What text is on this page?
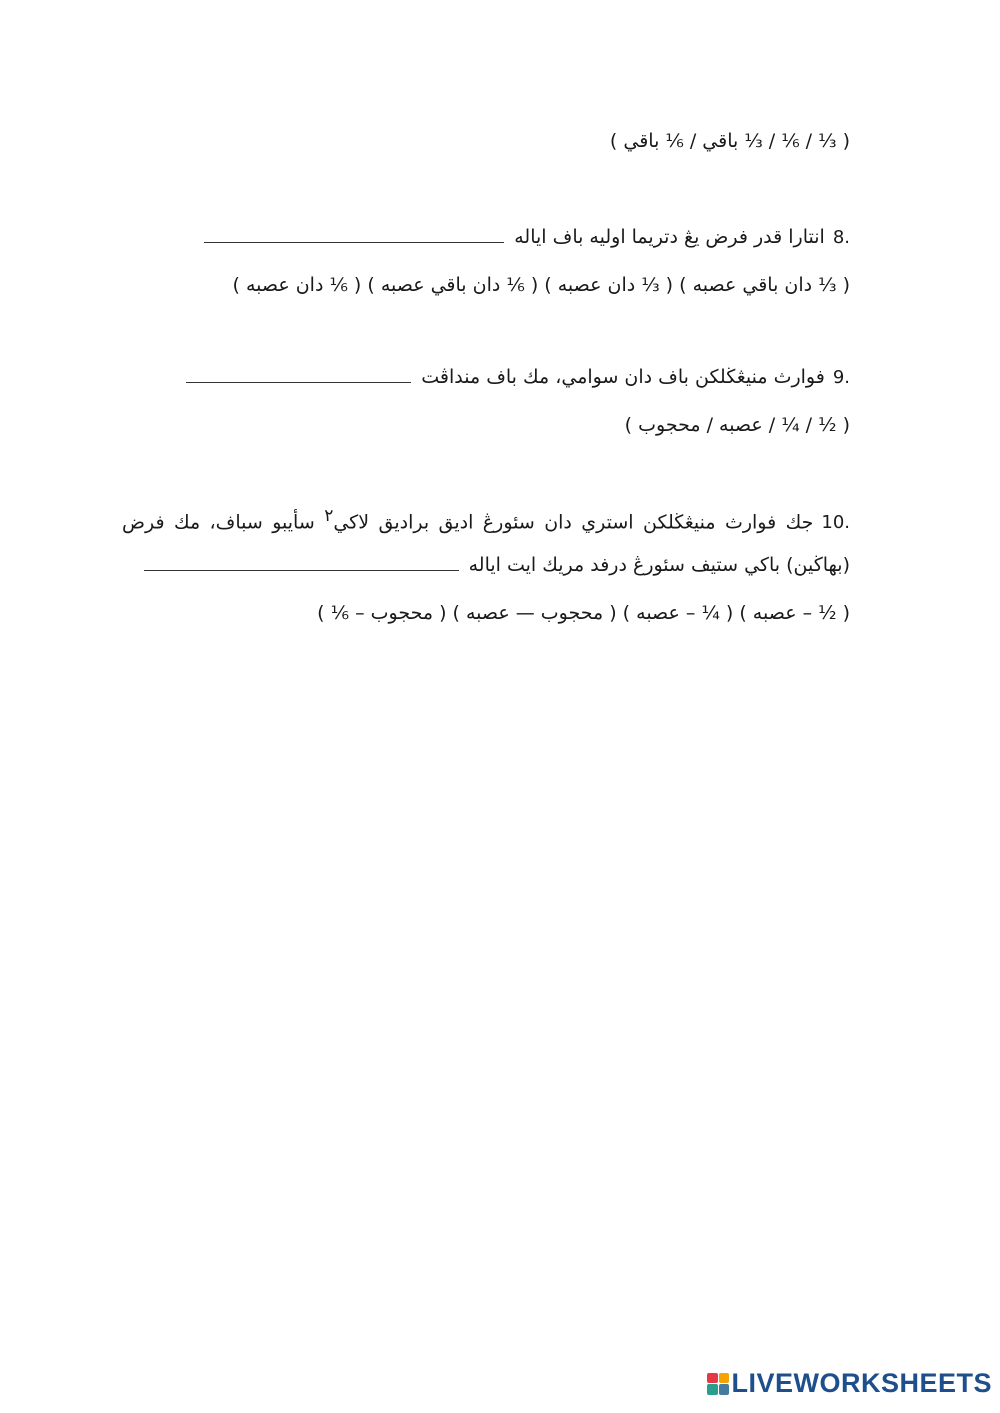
( ⅓ / ⅙ / ⅓ باقي / ⅙ باقي )
8.انتارا قدر فرض يڠ دتريما اوليه باف اياله
( ⅓ دان باقي عصبه ) ( ⅓ دان عصبه ) ( ⅙ دان باقي عصبه ) ( ⅙ دان عصبه )
9.فوارث منيڠڬلكن باف دان سوامي، مك باف منداڤت
( ½ / ¼ / عصبه / محجوب )
10.جك فوارث منيڠڬلكن استري دان سئورڠ اديق براديق لاکي$^٢$ سأيبو سباف، مك فرض
(بهاڬين) باکي ستيف سئورڠ درفد مريك ايت اياله
( ½ – عصبه ) ( ¼ – عصبه ) ( محجوب — عصبه ) ( محجوب – ⅙ )
LIVEWORKSHEETS
